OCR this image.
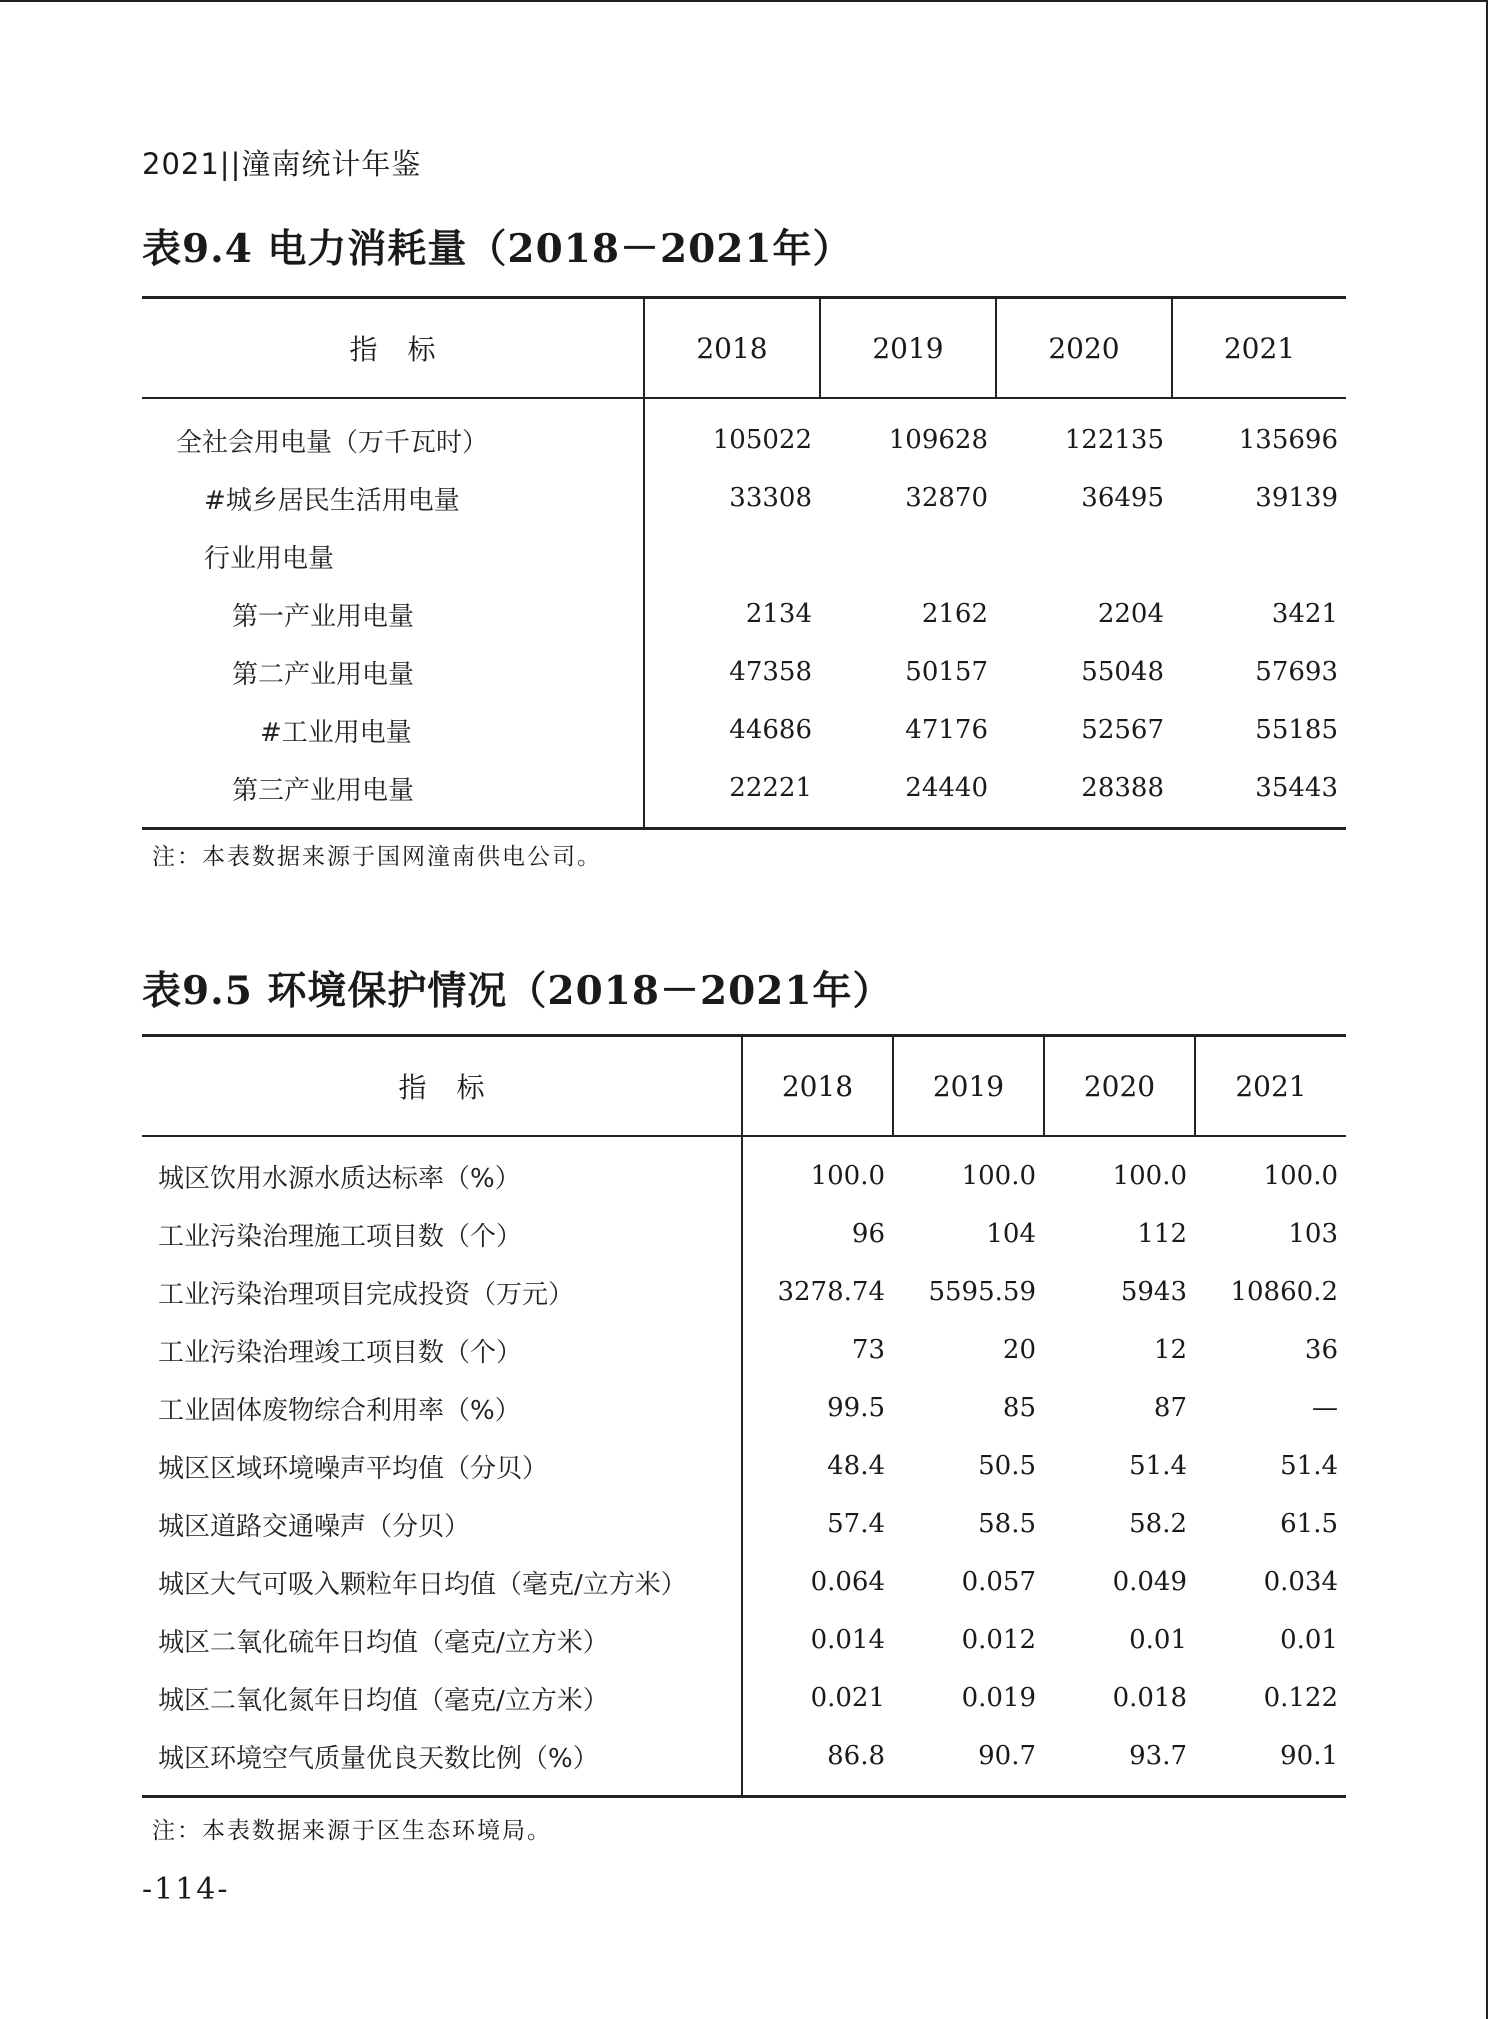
2021||潼南统计年鉴
表9.4 电力消耗量（2018－2021年）
指标	2018	2019	2020	2021
全社会用电量（万千瓦时）	105022	109628	122135	135696
#城乡居民生活用电量	33308	32870	36495	39139
行业用电量				
第一产业用电量	2134	2162	2204	3421
第二产业用电量	47358	50157	55048	57693
#工业用电量	44686	47176	52567	55185
第三产业用电量	22221	24440	28388	35443
注：本表数据来源于国网潼南供电公司。
表9.5 环境保护情况（2018－2021年）
指标	2018	2019	2020	2021
城区饮用水源水质达标率（%）	100.0	100.0	100.0	100.0
工业污染治理施工项目数（个）	96	104	112	103
工业污染治理项目完成投资（万元）	3278.74	5595.59	5943	10860.2
工业污染治理竣工项目数（个）	73	20	12	36
工业固体废物综合利用率（%）	99.5	85	87	—
城区区域环境噪声平均值（分贝）	48.4	50.5	51.4	51.4
城区道路交通噪声（分贝）	57.4	58.5	58.2	61.5
城区大气可吸入颗粒年日均值（毫克/立方米）	0.064	0.057	0.049	0.034
城区二氧化硫年日均值（毫克/立方米）	0.014	0.012	0.01	0.01
城区二氧化氮年日均值（毫克/立方米）	0.021	0.019	0.018	0.122
城区环境空气质量优良天数比例（%）	86.8	90.7	93.7	90.1
注：本表数据来源于区生态环境局。
-114-
